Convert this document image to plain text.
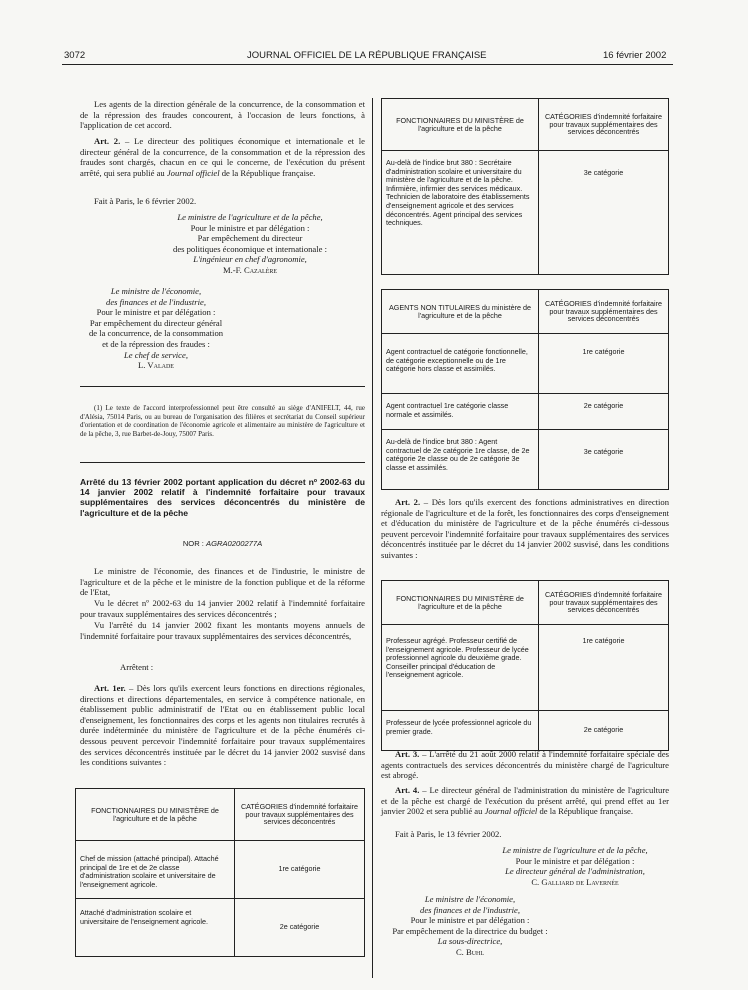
3072	JOURNAL OFFICIEL DE LA RÉPUBLIQUE FRANÇAISE	16 février 2002

Les agents de la direction générale de la concurrence, de la consommation et de la répression des fraudes concourent, à l'occasion de leurs fonctions, à l'application de cet accord.

Art. 2. – Le directeur des politiques économique et internationale et le directeur général de la concurrence, de la consommation et de la répression des fraudes sont chargés, chacun en ce qui le concerne, de l'exécution du présent arrêté, qui sera publié au Journal officiel de la République française.

Fait à Paris, le 6 février 2002.

Le ministre de l'agriculture et de la pêche,
Pour le ministre et par délégation :
Par empêchement du directeur
des politiques économique et internationale :
L'ingénieur en chef d'agronomie,
M.-F. Cazalère
Le ministre de l'économie,
des finances et de l'industrie,
Pour le ministre et par délégation :
Par empêchement du directeur général
de la concurrence, de la consommation
et de la répression des fraudes :
Le chef de service,
L. Valade

(1) Le texte de l'accord interprofessionnel peut être consulté au siège d'ANIFELT, 44, rue d'Alésia, 75014 Paris, ou au bureau de l'organisation des filières et secrétariat du Conseil supérieur d'orientation et de coordination de l'économie agricole et alimentaire au ministère de l'agriculture et de la pêche, 3, rue Barbet-de-Jouy, 75007 Paris.

Arrêté du 13 février 2002 portant application du décret nº 2002-63 du 14 janvier 2002 relatif à l'indemnité forfaitaire pour travaux supplémentaires des services déconcentrés du ministère de l'agriculture et de la pêche

NOR : AGRA0200277A

Le ministre de l'économie, des finances et de l'industrie, le ministre de l'agriculture et de la pêche et le ministre de la fonction publique et de la réforme de l'Etat,

Vu le décret nº 2002-63 du 14 janvier 2002 relatif à l'indemnité forfaitaire pour travaux supplémentaires des services déconcentrés ;

Vu l'arrêté du 14 janvier 2002 fixant les montants moyens annuels de l'indemnité forfaitaire pour travaux supplémentaires des services déconcentrés,

Arrêtent :

Art. 1er. – Dès lors qu'ils exercent leurs fonctions en directions régionales, directions et directions départementales, en service à compétence nationale, en établissement public administratif de l'Etat ou en établissement public local d'enseignement, les fonctionnaires des corps et les agents non titulaires recrutés à durée indéterminée du ministère de l'agriculture et de la pêche énumérés ci-dessous peuvent percevoir l'indemnité forfaitaire pour travaux supplémentaires des services déconcentrés instituée par le décret du 14 janvier 2002 susvisé dans les conditions suivantes :

FONCTIONNAIRES DU MINISTÈRE de l'agriculture et de la pêche	CATÉGORIES d'indemnité forfaitaire pour travaux supplémentaires des services déconcentrés
Chef de mission (attaché principal). Attaché principal de 1re et de 2e classe d'administration scolaire et universitaire de l'enseignement agricole.	1re catégorie
Attaché d'administration scolaire et universitaire de l'enseignement agricole.	2e catégorie
FONCTIONNAIRES DU MINISTÈRE de l'agriculture et de la pêche	CATÉGORIES d'indemnité forfaitaire pour travaux supplémentaires des services déconcentrés
Au-delà de l'indice brut 380 : Secrétaire d'administration scolaire et universitaire du ministère de l'agriculture et de la pêche. Infirmière, infirmier des services médicaux. Technicien de laboratoire des établissements d'enseignement agricole et des services déconcentrés. Agent principal des services techniques.	3e catégorie
AGENTS NON TITULAIRES du ministère de l'agriculture et de la pêche	CATÉGORIES d'indemnité forfaitaire pour travaux supplémentaires des services déconcentrés
Agent contractuel de catégorie fonctionnelle, de catégorie exceptionnelle ou de 1re catégorie hors classe et assimilés.	1re catégorie
Agent contractuel 1re catégorie classe normale et assimilés.	2e catégorie
Au-delà de l'indice brut 380 : Agent contractuel de 2e catégorie 1re classe, de 2e catégorie 2e classe ou de 2e catégorie 3e classe et assimilés.	3e catégorie

Art. 2. – Dès lors qu'ils exercent des fonctions administratives en direction régionale de l'agriculture et de la forêt, les fonctionnaires des corps d'enseignement et d'éducation du ministère de l'agriculture et de la pêche énumérés ci-dessous peuvent percevoir l'indemnité forfaitaire pour travaux supplémentaires des services déconcentrés instituée par le décret du 14 janvier 2002 susvisé, dans les conditions suivantes :

FONCTIONNAIRES DU MINISTÈRE de l'agriculture et de la pêche	CATÉGORIES d'indemnité forfaitaire pour travaux supplémentaires des services déconcentrés
Professeur agrégé. Professeur certifié de l'enseignement agricole. Professeur de lycée professionnel agricole du deuxième grade. Conseiller principal d'éducation de l'enseignement agricole.	1re catégorie
Professeur de lycée professionnel agricole du premier grade.	2e catégorie

Art. 3. – L'arrêté du 21 août 2000 relatif à l'indemnité forfaitaire spéciale des agents contractuels des services déconcentrés du ministère chargé de l'agriculture est abrogé.

Art. 4. – Le directeur général de l'administration du ministère de l'agriculture et de la pêche est chargé de l'exécution du présent arrêté, qui prend effet au 1er janvier 2002 et sera publié au Journal officiel de la République française.

Fait à Paris, le 13 février 2002.

Le ministre de l'agriculture et de la pêche,
Pour le ministre et par délégation :
Le directeur général de l'administration,
C. Galliard de Lavernée
Le ministre de l'économie,
des finances et de l'industrie,
Pour le ministre et par délégation :
Par empêchement de la directrice du budget :
La sous-directrice,
C. Buhl
